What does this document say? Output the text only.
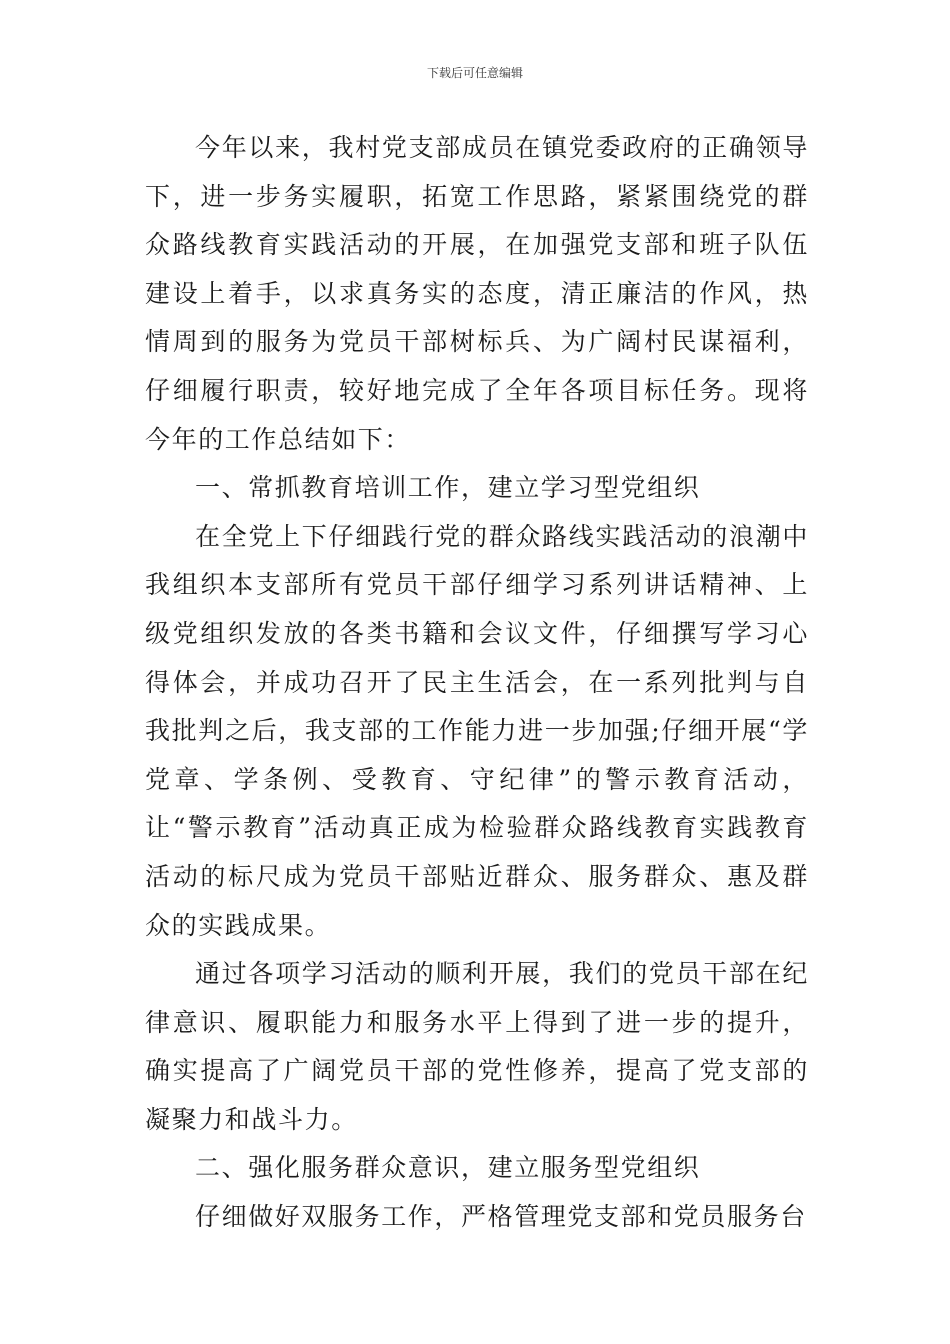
下载后可任意编辑

今年以来，我村党支部成员在镇党委政府的正确领导下，进一步务实履职，拓宽工作思路，紧紧围绕党的群众路线教育实践活动的开展，在加强党支部和班子队伍建设上着手，以求真务实的态度，清正廉洁的作风，热情周到的服务为党员干部树标兵、为广阔村民谋福利，仔细履行职责，较好地完成了全年各项目标任务。现将今年的工作总结如下：

一、常抓教育培训工作，建立学习型党组织

在全党上下仔细践行党的群众路线实践活动的浪潮中我组织本支部所有党员干部仔细学习系列讲话精神、上级党组织发放的各类书籍和会议文件，仔细撰写学习心得体会，并成功召开了民主生活会，在一系列批判与自我批判之后，我支部的工作能力进一步加强;仔细开展“学党章、学条例、受教育、守纪律”的警示教育活动，让“警示教育”活动真正成为检验群众路线教育实践教育活动的标尺成为党员干部贴近群众、服务群众、惠及群众的实践成果。

通过各项学习活动的顺利开展，我们的党员干部在纪律意识、履职能力和服务水平上得到了进一步的提升，确实提高了广阔党员干部的党性修养，提高了党支部的凝聚力和战斗力。

二、强化服务群众意识，建立服务型党组织

仔细做好双服务工作，严格管理党支部和党员服务台
